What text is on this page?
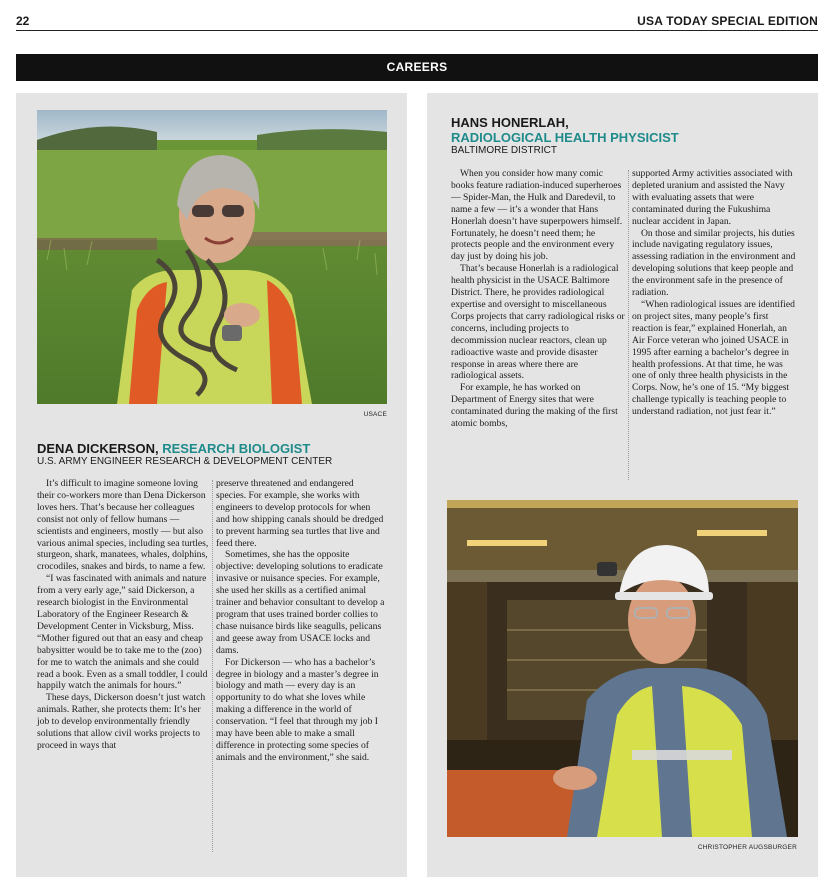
22	USA TODAY SPECIAL EDITION
CAREERS
USACE
DENA DICKERSON, RESEARCH BIOLOGIST
U.S. ARMY ENGINEER RESEARCH & DEVELOPMENT CENTER

It’s difficult to imagine someone loving their co-workers more than Dena Dickerson loves hers. That’s because her colleagues consist not only of fellow humans — scientists and engineers, mostly — but also various animal species, including sea turtles, sturgeon, shark, manatees, whales, dolphins, crocodiles, snakes and birds, to name a few.

“I was fascinated with animals and nature from a very early age,” said Dickerson, a research biologist in the Environmental Laboratory of the Engineer Research & Development Center in Vicksburg, Miss. “Mother figured out that an easy and cheap babysitter would be to take me to the (zoo) for me to watch the animals and she could read a book. Even as a small toddler, I could happily watch the animals for hours.”

These days, Dickerson doesn’t just watch animals. Rather, she protects them: It’s her job to develop environmentally friendly solutions that allow civil works projects to proceed in ways that

preserve threatened and endangered species. For example, she works with engineers to develop protocols for when and how shipping canals should be dredged to prevent harming sea turtles that live and feed there.

Sometimes, she has the opposite objective: developing solutions to eradicate invasive or nuisance species. For example, she used her skills as a certified animal trainer and behavior consultant to develop a program that uses trained border collies to chase nuisance birds like seagulls, pelicans and geese away from USACE locks and dams.

For Dickerson — who has a bachelor’s degree in biology and a master’s degree in biology and math — every day is an opportunity to do what she loves while making a difference in the world of conservation. “I feel that through my job I may have been able to make a small difference in protecting some species of animals and the environment,” she said.

HANS HONERLAH,
RADIOLOGICAL HEALTH PHYSICIST
BALTIMORE DISTRICT

When you consider how many comic books feature radiation-induced superheroes — Spider-Man, the Hulk and Daredevil, to name a few — it’s a wonder that Hans Honerlah doesn’t have superpowers himself. Fortunately, he doesn’t need them; he protects people and the environment every day just by doing his job.

That’s because Honerlah is a radiological health physicist in the USACE Baltimore District. There, he provides radiological expertise and oversight to miscellaneous Corps projects that carry radiological risks or concerns, including projects to decommission nuclear reactors, clean up radioactive waste and provide disaster response in areas where there are radiological assets.

For example, he has worked on Department of Energy sites that were contaminated during the making of the first atomic bombs,

supported Army activities associated with depleted uranium and assisted the Navy with evaluating assets that were contaminated during the Fukushima nuclear accident in Japan.

On those and similar projects, his duties include navigating regulatory issues, assessing radiation in the environment and developing solutions that keep people and the environment safe in the presence of radiation.

“When radiological issues are identified on project sites, many people’s first reaction is fear,” explained Honerlah, an Air Force veteran who joined USACE in 1995 after earning a bachelor’s degree in health professions. At that time, he was one of only three health physicists in the Corps. Now, he’s one of 15. “My biggest challenge typically is teaching people to understand radiation, not just fear it.”

CHRISTOPHER AUGSBURGER
